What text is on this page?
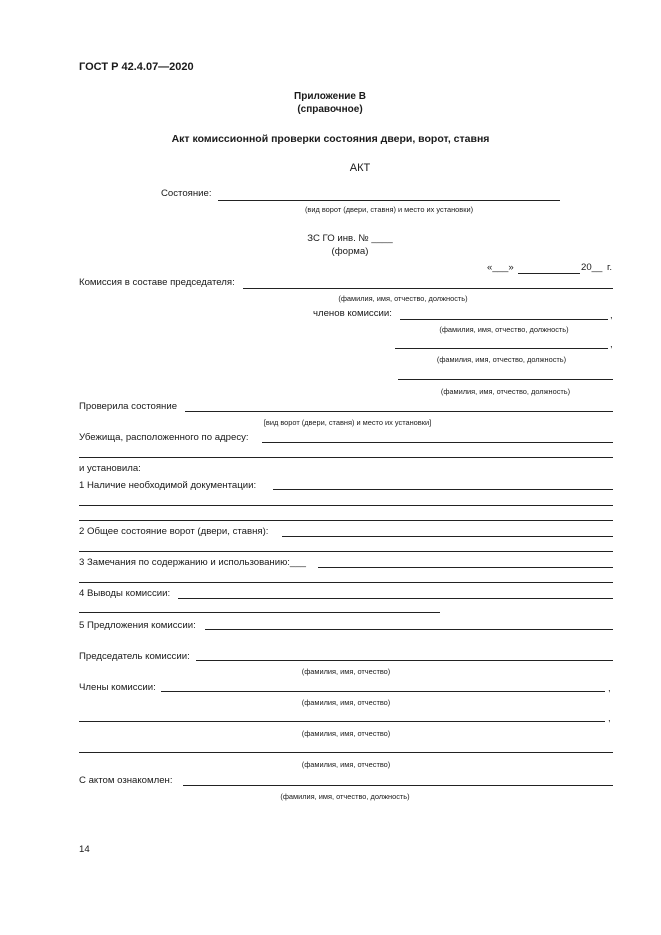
ГОСТ Р 42.4.07—2020
Приложение В
(справочное)
Акт комиссионной проверки состояния двери, ворот, ставня
АКТ
Состояние:
(вид ворот (двери, ставня) и место их установки)
ЗС ГО инв. № ____
(форма)
«___»	20__ г.
Комиссия в составе председателя:
(фамилия, имя, отчество, должность)
членов комиссии:	,
(фамилия, имя, отчество, должность)
,
(фамилия, имя, отчество, должность)
(фамилия, имя, отчество, должность)
Проверила состояние
[вид ворот (двери, ставня) и место их установки]
Убежища, расположенного по адресу:
и установила:
1 Наличие необходимой документации:
2 Общее состояние ворот (двери, ставня):
3 Замечания по содержанию и использованию:___
4 Выводы комиссии:
5 Предложения комиссии:
Председатель комиссии:
(фамилия, имя, отчество)
Члены комиссии:	,
(фамилия, имя, отчество)
,
(фамилия, имя, отчество)
(фамилия, имя, отчество)
С актом ознакомлен:
(фамилия, имя, отчество, должность)
14
